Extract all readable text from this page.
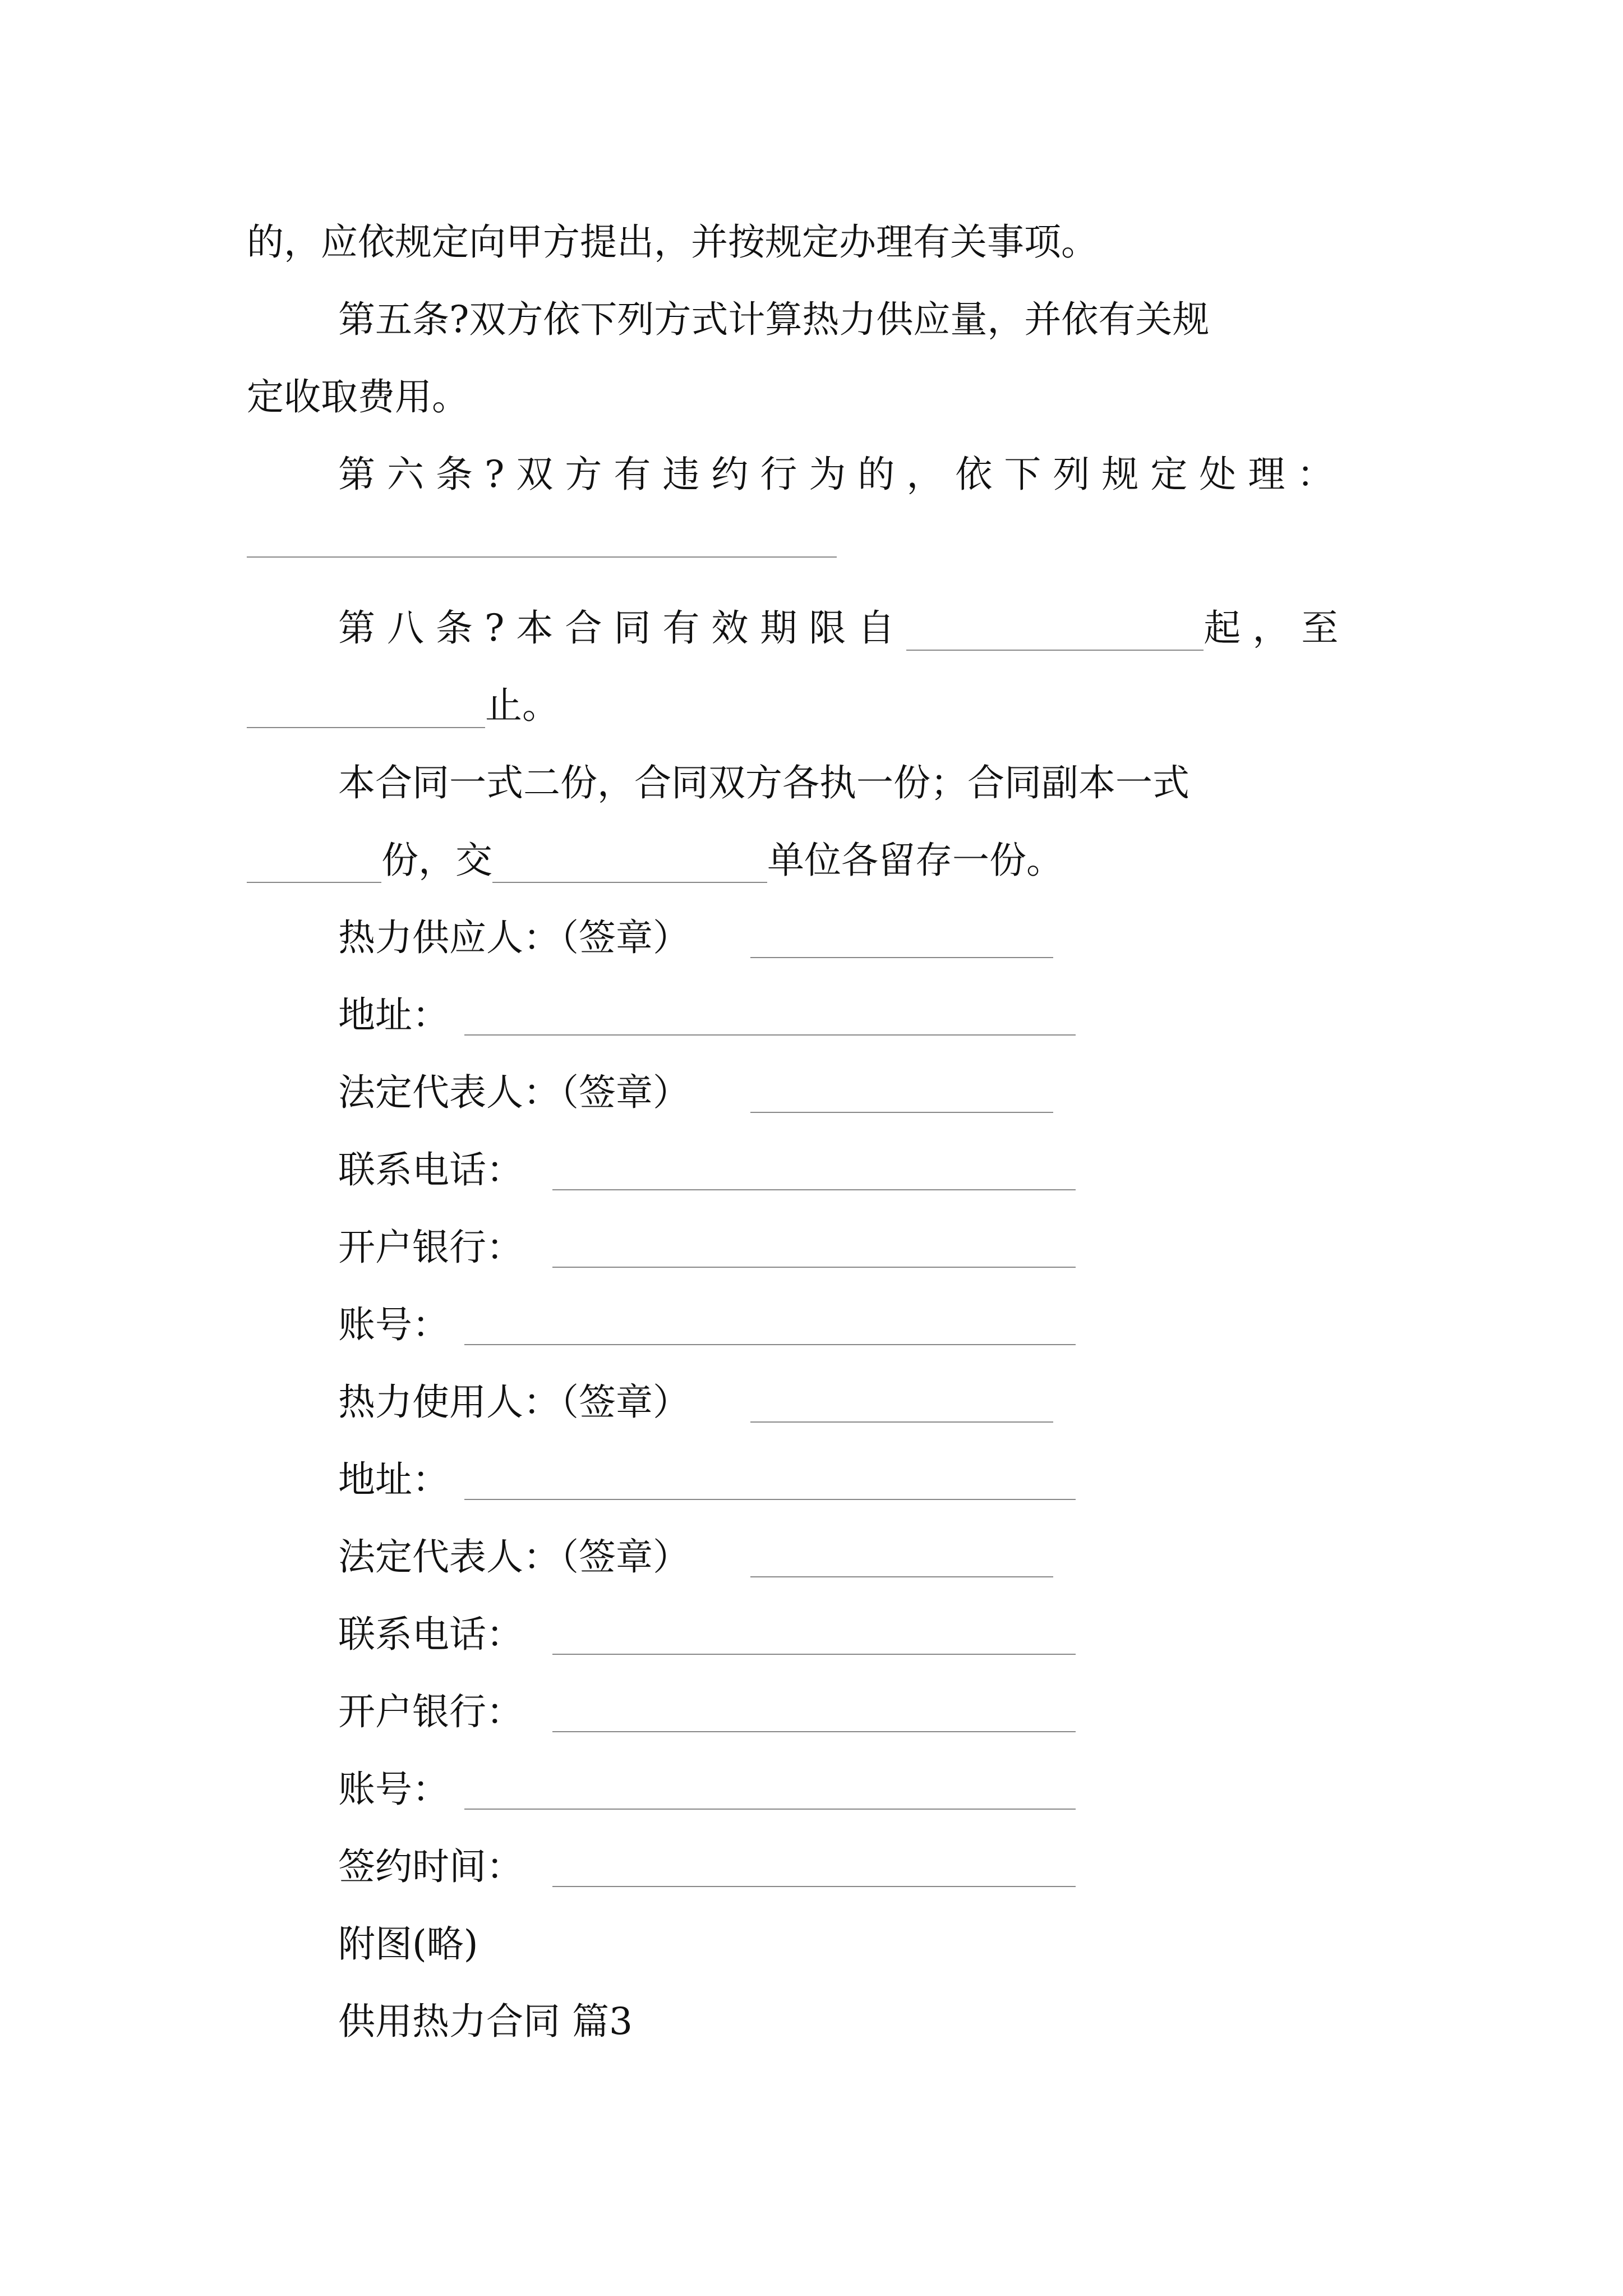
的，应依规定向甲方提出，并按规定办理有关事项。
第五条?双方依下列方式计算热力供应量，并依有关规
定收取费用。
第六条?双方有违约行为的，依下列规定处理：
第八条?本合同有效期限自	起，至
止。
本合同一式二份，合同双方各执一份；合同副本一式
份，交	单位各留存一份。
热力供应人：（签章）
地址：
法定代表人：（签章）
联系电话：
开户银行：
账号：
热力使用人：（签章）
地址：
法定代表人：（签章）
联系电话：
开户银行：
账号：
签约时间：
附图(略)
供用热力合同 篇3
